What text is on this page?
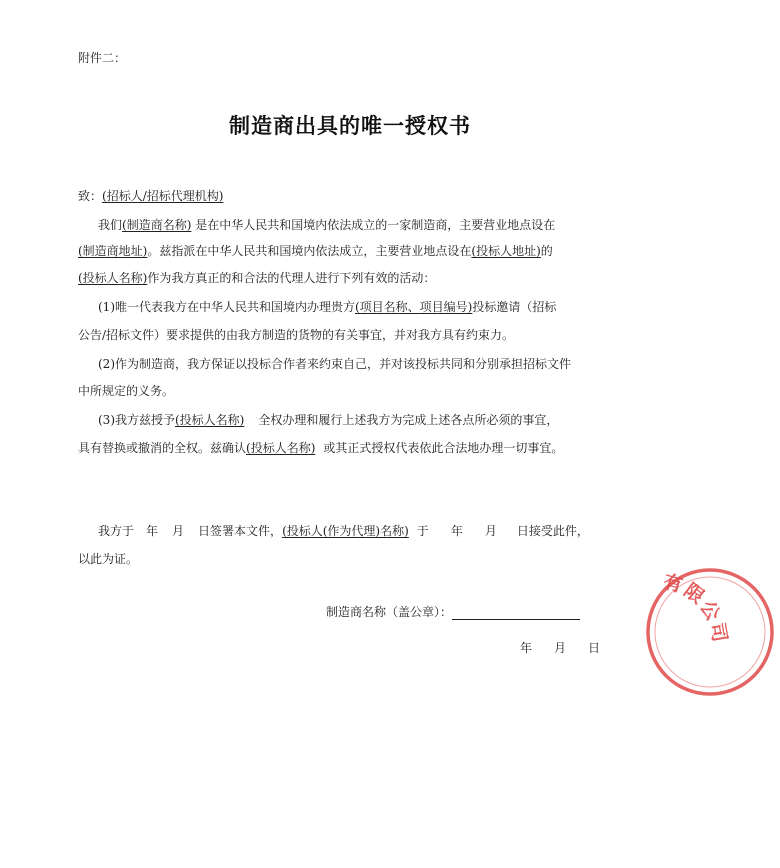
附件二：
制造商出具的唯一授权书
致：(招标人/招标代理机构)
我们(制造商名称) 是在中华人民共和国境内依法成立的一家制造商，主要营业地点设在
(制造商地址)。兹指派在中华人民共和国境内依法成立，主要营业地点设在(投标人地址)的
(投标人名称)作为我方真正的和合法的代理人进行下列有效的活动：
(1)唯一代表我方在中华人民共和国境内办理贵方(项目名称、项目编号)投标邀请（招标
公告/招标文件）要求提供的由我方制造的货物的有关事宜，并对我方具有约束力。
(2)作为制造商，我方保证以投标合作者来约束自己，并对该投标共同和分别承担招标文件
中所规定的义务。
(3)我方兹授予(投标人名称) 全权办理和履行上述我方为完成上述各点所必须的事宜，
具有替换或撤消的全权。兹确认(投标人名称) 或其正式授权代表依此合法地办理一切事宜。
我方于 年 月 日签署本文件，(投标人(作为代理)名称) 于 年 月 日接受此件，
以此为证。
制造商名称（盖公章）：
年 月 日
有限公司
